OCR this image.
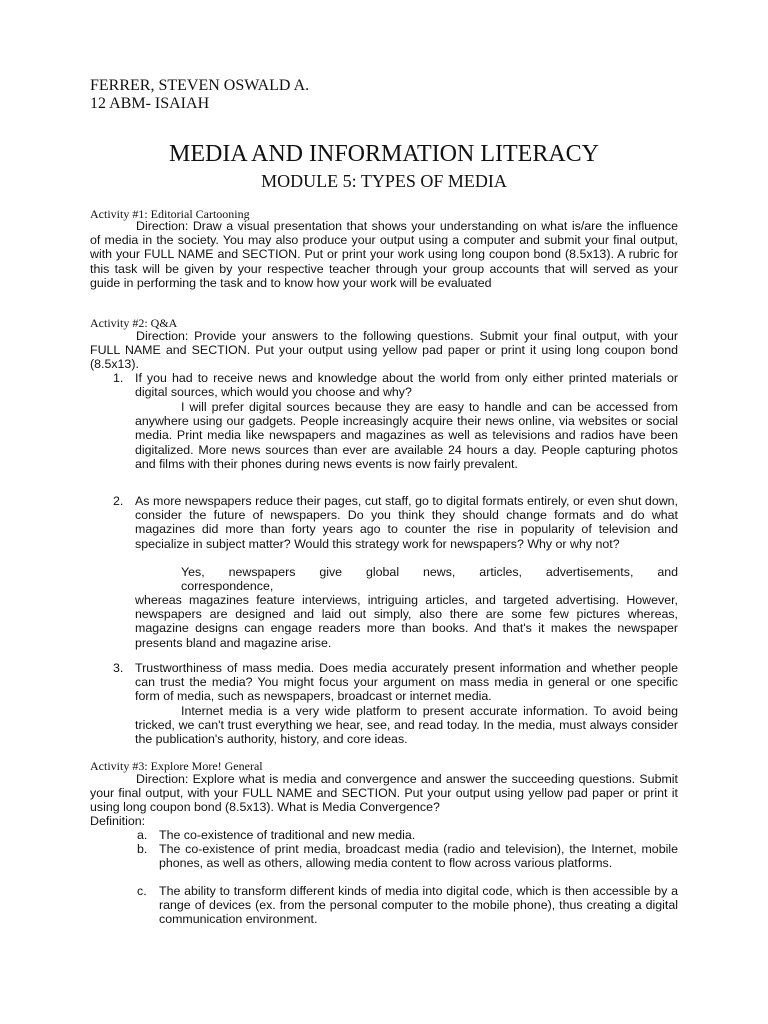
FERRER, STEVEN OSWALD A.
12 ABM- ISAIAH
MEDIA AND INFORMATION LITERACY
MODULE 5: TYPES OF MEDIA
Activity #1: Editorial Cartooning

Direction: Draw a visual presentation that shows your understanding on what is/are the influence of media in the society. You may also produce your output using a computer and submit your final output, with your FULL NAME and SECTION. Put or print your work using long coupon bond (8.5x13). A rubric for this task will be given by your respective teacher through your group accounts that will served as your guide in performing the task and to know how your work will be evaluated

Activity #2: Q&A

Direction: Provide your answers to the following questions. Submit your final output, with your FULL NAME and SECTION. Put your output using yellow pad paper or print it using long coupon bond (8.5x13).

1. If you had to receive news and knowledge about the world from only either printed materials or digital sources, which would you choose and why?

I will prefer digital sources because they are easy to handle and can be accessed from anywhere using our gadgets. People increasingly acquire their news online, via websites or social media. Print media like newspapers and magazines as well as televisions and radios have been digitalized. More news sources than ever are available 24 hours a day. People capturing photos and films with their phones during news events is now fairly prevalent.

2. As more newspapers reduce their pages, cut staff, go to digital formats entirely, or even shut down, consider the future of newspapers. Do you think they should change formats and do what magazines did more than forty years ago to counter the rise in popularity of television and specialize in subject matter? Would this strategy work for newspapers? Why or why not?

Yes, newspapers give global news, articles, advertisements, and

correspondence,

whereas magazines feature interviews, intriguing articles, and targeted advertising. However, newspapers are designed and laid out simply, also there are some few pictures whereas, magazine designs can engage readers more than books. And that's it makes the newspaper presents bland and magazine arise.

3. Trustworthiness of mass media. Does media accurately present information and whether people can trust the media? You might focus your argument on mass media in general or one specific form of media, such as newspapers, broadcast or internet media.

Internet media is a very wide platform to present accurate information. To avoid being tricked, we can't trust everything we hear, see, and read today. In the media, must always consider the publication's authority, history, and core ideas.

Activity #3: Explore More! General

Direction: Explore what is media and convergence and answer the succeeding questions. Submit your final output, with your FULL NAME and SECTION. Put your output using yellow pad paper or print it using long coupon bond (8.5x13). What is Media Convergence?

Definition:
a. The co-existence of traditional and new media.

b. The co-existence of print media, broadcast media (radio and television), the Internet, mobile phones, as well as others, allowing media content to flow across various platforms.

c. The ability to transform different kinds of media into digital code, which is then accessible by a range of devices (ex. from the personal computer to the mobile phone), thus creating a digital communication environment.
